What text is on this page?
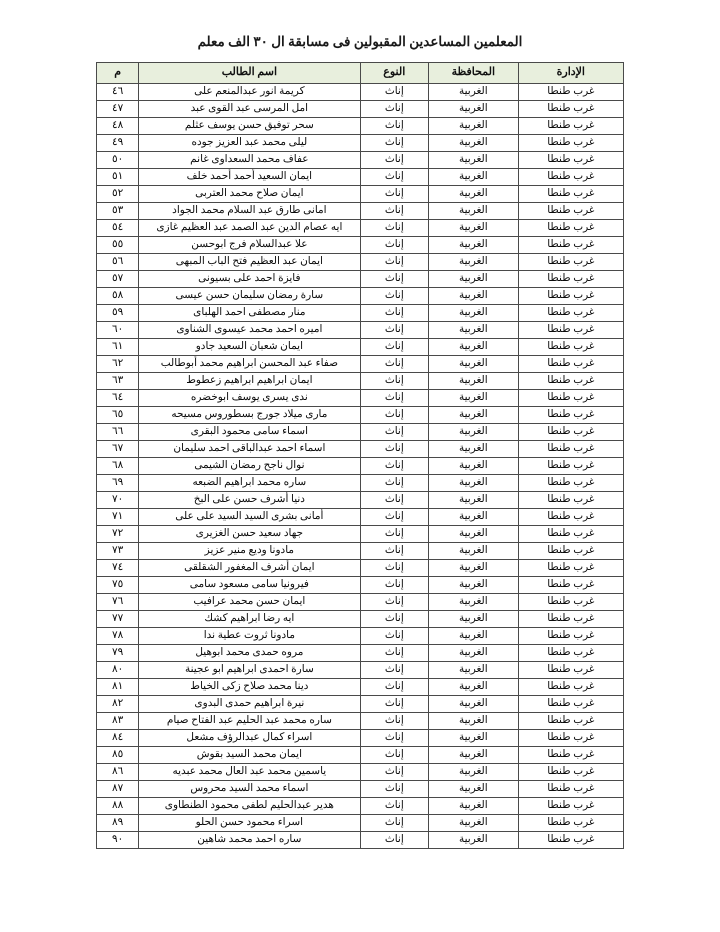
المعلمين المساعدين المقبولين فى مسابقة ال ٣٠ الف معلم
الإدارة	المحافظة	النوع	اسم الطالب	م
غرب طنطا	الغربية	إناث	كريمة انور عبدالمنعم على	٤٦
غرب طنطا	الغربية	إناث	امل المرسى عبد القوى عبد	٤٧
غرب طنطا	الغربية	إناث	سحر توفيق حسن يوسف عثلم	٤٨
غرب طنطا	الغربية	إناث	ليلى محمد عبد العزيز جوده	٤٩
غرب طنطا	الغربية	إناث	عفاف محمد السعداوى غانم	٥٠
غرب طنطا	الغربية	إناث	ايمان السعيد أحمد أحمد خلف	٥١
غرب طنطا	الغربية	إناث	ايمان صلاح محمد العتربى	٥٢
غرب طنطا	الغربية	إناث	امانى طارق عبد السلام محمد الجواد	٥٣
غرب طنطا	الغربية	إناث	ايه عصام الدين عبد الصمد عبد العظيم غازى	٥٤
غرب طنطا	الغربية	إناث	علا عبدالسلام فرج ابوحسن	٥٥
غرب طنطا	الغربية	إناث	ايمان عبد العظيم فتح الباب المبهى	٥٦
غرب طنطا	الغربية	إناث	فايزة احمد على بسيونى	٥٧
غرب طنطا	الغربية	إناث	سارة رمضان سليمان حسن عيسى	٥٨
غرب طنطا	الغربية	إناث	منار مصطفى احمد الهلباى	٥٩
غرب طنطا	الغربية	إناث	اميره احمد محمد عيسوى الشناوى	٦٠
غرب طنطا	الغربية	إناث	ايمان شعبان السعيد جادو	٦١
غرب طنطا	الغربية	إناث	صفاء عبد المحسن ابراهيم محمد أبوطالب	٦٢
غرب طنطا	الغربية	إناث	ايمان ابراهيم ابراهيم زعطوط	٦٣
غرب طنطا	الغربية	إناث	ندى يسرى يوسف ابوخضره	٦٤
غرب طنطا	الغربية	إناث	مارى ميلاد جورج بسطوروس مسيحه	٦٥
غرب طنطا	الغربية	إناث	اسماء سامى محمود البقرى	٦٦
غرب طنطا	الغربية	إناث	اسماء احمد عبدالباقى احمد سليمان	٦٧
غرب طنطا	الغربية	إناث	نوال ناجح رمضان الشيمى	٦٨
غرب طنطا	الغربية	إناث	ساره محمد ابراهيم الضبعه	٦٩
غرب طنطا	الغربية	إناث	دنيا أشرف حسن على البخ	٧٠
غرب طنطا	الغربية	إناث	أمانى بشرى السيد السيد على على	٧١
غرب طنطا	الغربية	إناث	جهاد سعيد حسن الغزيرى	٧٢
غرب طنطا	الغربية	إناث	مادونا وديع منير عزيز	٧٣
غرب طنطا	الغربية	إناث	ايمان أشرف المغفور الشقلقى	٧٤
غرب طنطا	الغربية	إناث	فيرونيا سامى مسعود سامى	٧٥
غرب طنطا	الغربية	إناث	ايمان حسن محمد عرافيب	٧٦
غرب طنطا	الغربية	إناث	ايه رضا ابراهيم كشك	٧٧
غرب طنطا	الغربية	إناث	مادونا ثروت عطية ندا	٧٨
غرب طنطا	الغربية	إناث	مروه حمدى محمد ابوهيل	٧٩
غرب طنطا	الغربية	إناث	سارة احمدى ابراهيم ابو عجينة	٨٠
غرب طنطا	الغربية	إناث	دينا محمد صلاح زكى الخياط	٨١
غرب طنطا	الغربية	إناث	نيرة ابراهيم حمدى البدوى	٨٢
غرب طنطا	الغربية	إناث	ساره محمد عبد الحليم عبد الفتاح صيام	٨٣
غرب طنطا	الغربية	إناث	اسراء كمال عبدالرؤف مشعل	٨٤
غرب طنطا	الغربية	إناث	ايمان محمد السيد بقوش	٨٥
غرب طنطا	الغربية	إناث	ياسمين محمد عبد العال محمد عبديه	٨٦
غرب طنطا	الغربية	إناث	اسماء محمد السيد محروس	٨٧
غرب طنطا	الغربية	إناث	هدير عبدالحليم لطفى محمود الطنطاوى	٨٨
غرب طنطا	الغربية	إناث	اسراء محمود حسن الحلو	٨٩
غرب طنطا	الغربية	إناث	ساره احمد محمد شاهين	٩٠
